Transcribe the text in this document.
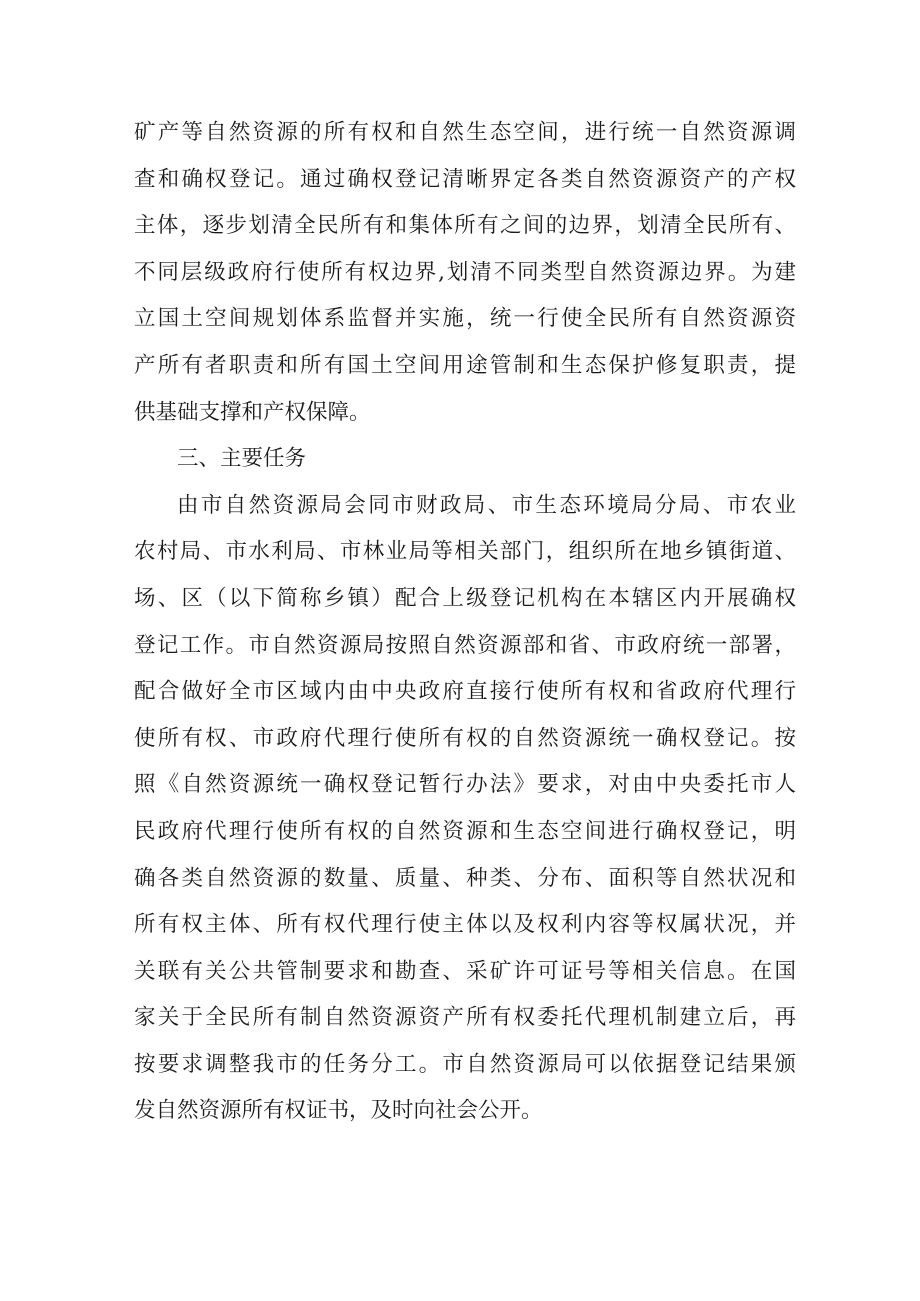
矿产等自然资源的所有权和自然生态空间，进行统一自然资源调
查和确权登记。通过确权登记清晰界定各类自然资源资产的产权
主体，逐步划清全民所有和集体所有之间的边界，划清全民所有、
不同层级政府行使所有权边界,划清不同类型自然资源边界。为建
立国土空间规划体系监督并实施，统一行使全民所有自然资源资
产所有者职责和所有国土空间用途管制和生态保护修复职责，提
供基础支撑和产权保障。
三、主要任务
由市自然资源局会同市财政局、市生态环境局分局、市农业
农村局、市水利局、市林业局等相关部门，组织所在地乡镇街道、
场、区（以下简称乡镇）配合上级登记机构在本辖区内开展确权
登记工作。市自然资源局按照自然资源部和省、市政府统一部署，
配合做好全市区域内由中央政府直接行使所有权和省政府代理行
使所有权、市政府代理行使所有权的自然资源统一确权登记。按
照《自然资源统一确权登记暂行办法》要求，对由中央委托市人
民政府代理行使所有权的自然资源和生态空间进行确权登记，明
确各类自然资源的数量、质量、种类、分布、面积等自然状况和
所有权主体、所有权代理行使主体以及权利内容等权属状况，并
关联有关公共管制要求和勘查、采矿许可证号等相关信息。在国
家关于全民所有制自然资源资产所有权委托代理机制建立后，再
按要求调整我市的任务分工。市自然资源局可以依据登记结果颁
发自然资源所有权证书，及时向社会公开。
